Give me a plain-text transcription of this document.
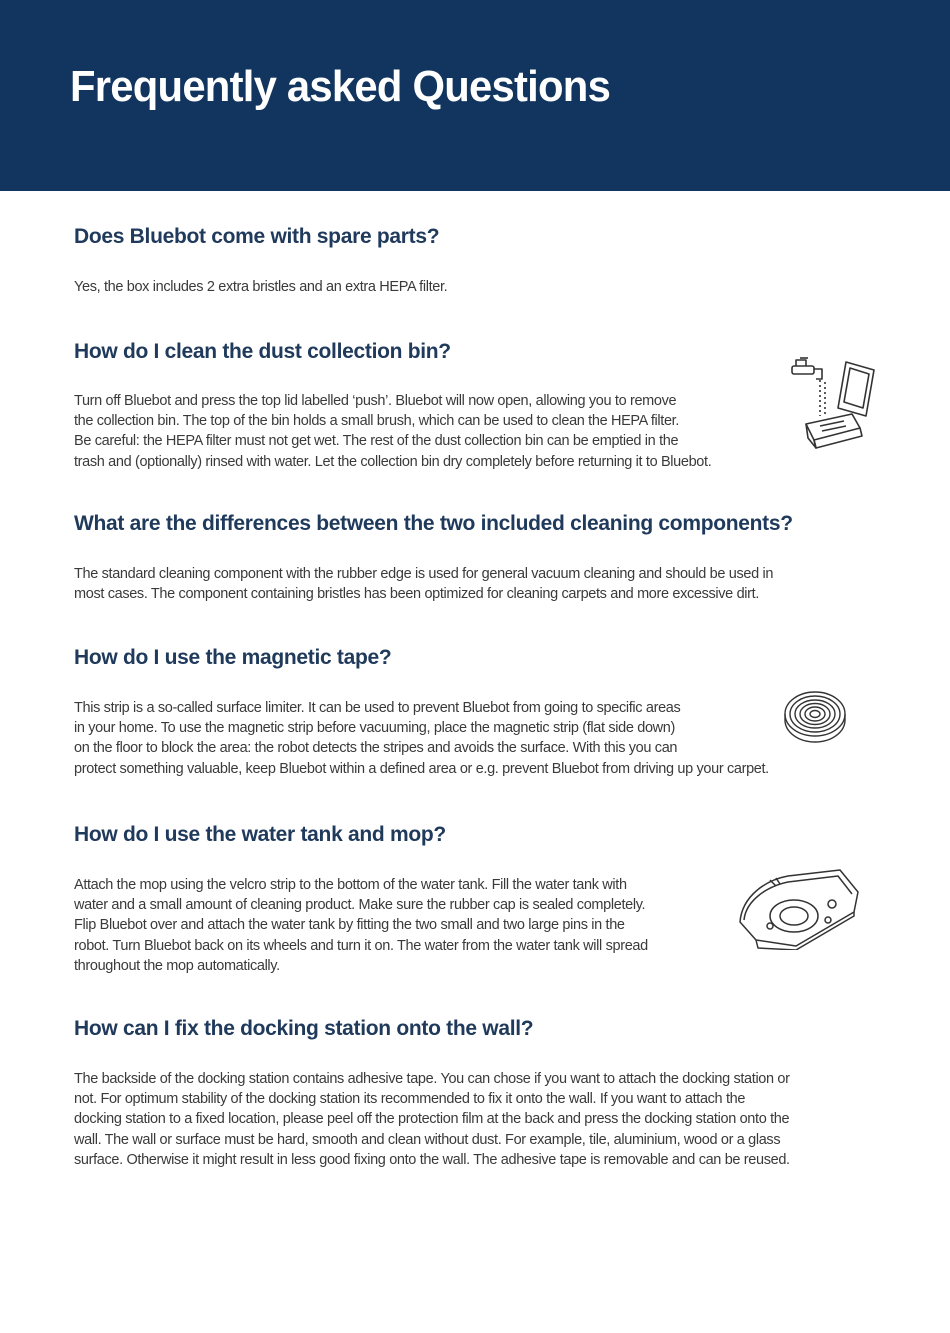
Frequently asked Questions
Does Bluebot come with spare parts?
Yes, the box includes 2 extra bristles and an extra HEPA filter.
How do I clean the dust collection bin?
Turn off Bluebot and press the top lid labelled ‘push’. Bluebot will now open, allowing you to remove
the collection bin. The top of the bin holds a small brush, which can be used to clean the HEPA filter.
Be careful: the HEPA filter must not get wet. The rest of the dust collection bin can be emptied in the
trash and (optionally) rinsed with water. Let the collection bin dry completely before returning it to Bluebot.
What are the differences between the two included cleaning components?
The standard cleaning component with the rubber edge is used for general vacuum cleaning and should be used in
most cases. The component containing bristles has been optimized for cleaning carpets and more excessive dirt.
How do I use the magnetic tape?
This strip is a so-called surface limiter. It can be used to prevent Bluebot from going to specific areas
in your home. To use the magnetic strip before vacuuming, place the magnetic strip (flat side down)
on the floor to block the area: the robot detects the stripes and avoids the surface. With this you can
protect something valuable, keep Bluebot within a defined area or e.g. prevent Bluebot from driving up your carpet.
How do I use the water tank and mop?
Attach the mop using the velcro strip to the bottom of the water tank. Fill the water tank with
water and a small amount of cleaning product. Make sure the rubber cap is sealed completely.
Flip Bluebot over and attach the water tank by fitting the two small and two large pins in the
robot. Turn Bluebot back on its wheels and turn it on. The water from the water tank will spread
throughout the mop automatically.
How can I fix the docking station onto the wall?
The backside of the docking station contains adhesive tape. You can chose if you want to attach the docking station or
not. For optimum stability of the docking station its recommended to fix it onto the wall. If you want to attach the
docking station to a fixed location, please peel off the protection film at the back and press the docking station onto the
wall. The wall or surface must be hard, smooth and clean without dust. For example, tile, aluminium, wood or a glass
surface. Otherwise it might result in less good fixing onto the wall. The adhesive tape is removable and can be reused.
